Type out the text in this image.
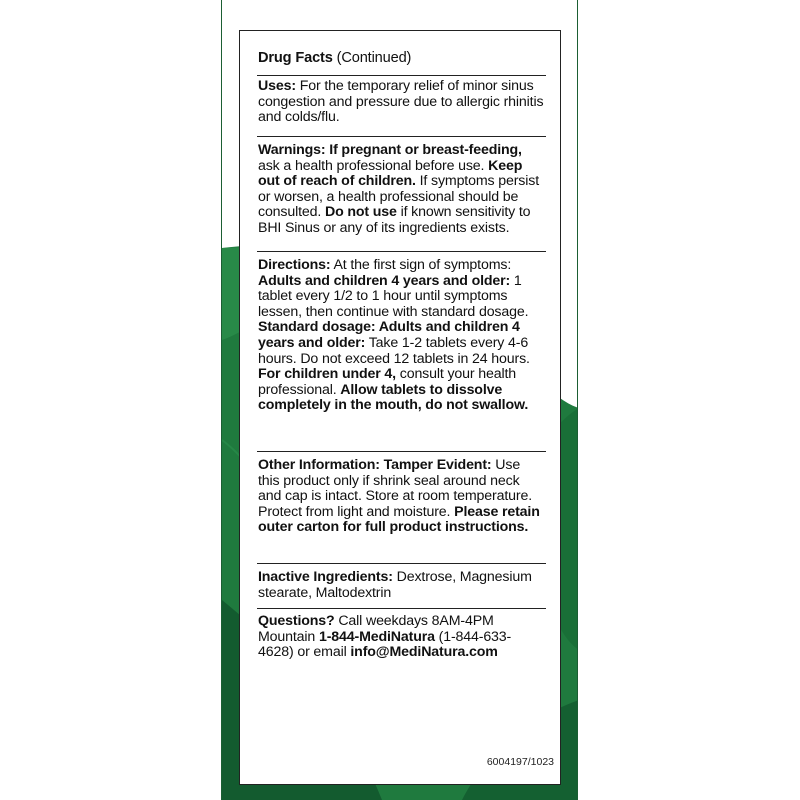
Drug Facts (Continued)
Uses: For the temporary relief of minor sinus congestion and pressure due to allergic rhinitis and colds/flu.
Warnings: If pregnant or breast-feeding, ask a health professional before use. Keep out of reach of children. If symptoms persist or worsen, a health professional should be consulted. Do not use if known sensitivity to BHI Sinus or any of its ingredients exists.
Directions: At the first sign of symptoms:
Adults and children 4 years and older: 1 tablet every 1/2 to 1 hour until symptoms lessen, then continue with standard dosage.
Standard dosage: Adults and children 4 years and older: Take 1-2 tablets every 4-6 hours. Do not exceed 12 tablets in 24 hours. For children under 4, consult your health professional. Allow tablets to dissolve completely in the mouth, do not swallow.
Other Information: Tamper Evident: Use this product only if shrink seal around neck and cap is intact. Store at room temperature. Protect from light and moisture. Please retain outer carton for full product instructions.
Inactive Ingredients: Dextrose, Magnesium stearate, Maltodextrin
Questions? Call weekdays 8AM-4PM Mountain 1-844-MediNatura (1-844-633-4628) or email info@MediNatura.com
6004197/1023
